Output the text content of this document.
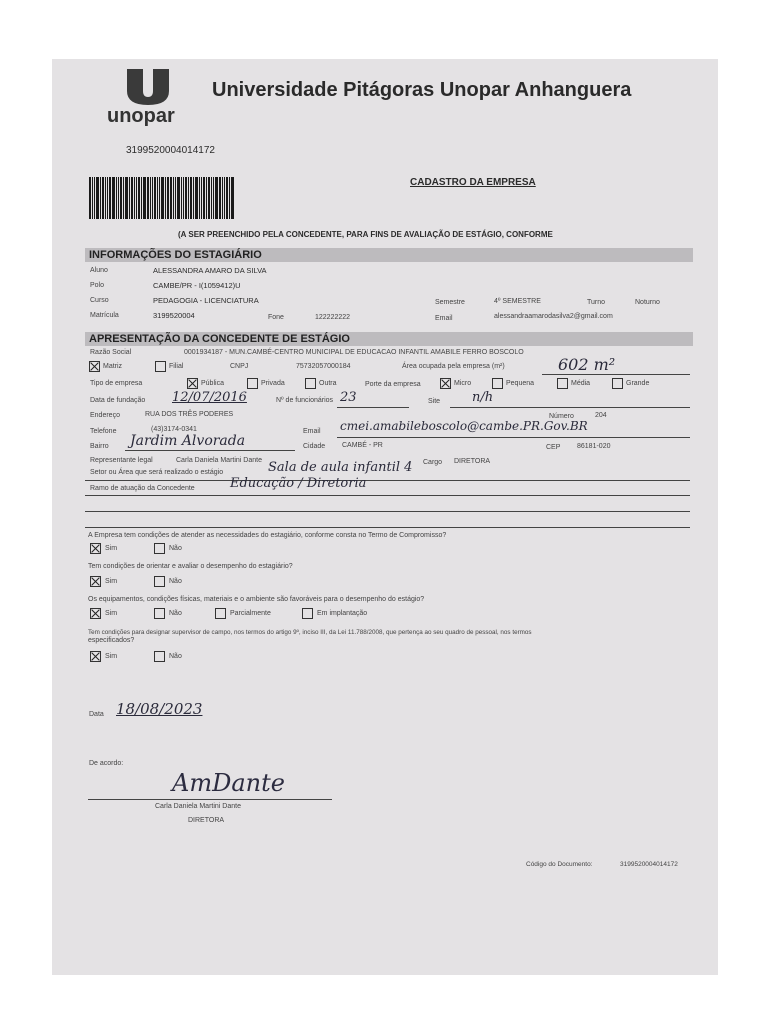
unopar
Universidade Pitágoras Unopar Anhanguera
3199520004014172
CADASTRO DA EMPRESA
(A SER PREENCHIDO PELA CONCEDENTE, PARA FINS DE AVALIAÇÃO DE ESTÁGIO, CONFORME
INFORMAÇÕES DO ESTAGIÁRIO
Aluno	ALESSANDRA AMARO DA SILVA
Polo	CAMBE/PR - I(1059412)U
Curso	PEDAGOGIA - LICENCIATURA	Semestre	4º SEMESTRE	Turno	Noturno
Matrícula	3199520004	Fone	122222222	Email	alessandraamarodasilva2@gmail.com
APRESENTAÇÃO DA CONCEDENTE DE ESTÁGIO
Razão Social	0001934187 - MUN.CAMBÉ-CENTRO MUNICIPAL DE EDUCACAO INFANTIL AMABILE FERRO BOSCOLO
Matriz	Filial	CNPJ	75732057000184	Área ocupada pela empresa (m²)	602 m²
Tipo de empresa	Pública	Privada	Outra	Porte da empresa	Micro	Pequena	Média	Grande
Data de fundação 12/07/2016	Nº de funcionários 23	Site n/h
Endereço	RUA DOS TRÊS PODERES	Número	204
Telefone	(43)3174-0341	Email cmei.amabileboscolo@cambe.PR.Gov.BR
Bairro Jardim Alvorada	Cidade CAMBÉ - PR	CEP 86181-020
Representante legal	Carla Daniela Martini Dante	Cargo DIRETORA
Setor ou Área que será realizado o estágio	Sala de aula infantil 4
Ramo de atuação da Concedente	Educação / Diretoria
A Empresa tem condições de atender as necessidades do estagiário, conforme consta no Termo de Compromisso?
Sim	Não
Tem condições de orientar e avaliar o desempenho do estagiário?
Sim	Não
Os equipamentos, condições físicas, materiais e o ambiente são favoráveis para o desempenho do estágio?
Sim	Não	Parcialmente	Em implantação
Tem condições para designar supervisor de campo, nos termos do artigo 9º, inciso III, da Lei 11.788/2008, que pertença ao seu quadro de pessoal, nos termos
especificados?
Sim	Não
Data 18/08/2023
De acordo:
AmDante
Carla Daniela Martini Dante
DIRETORA
Código do Documento:	3199520004014172
